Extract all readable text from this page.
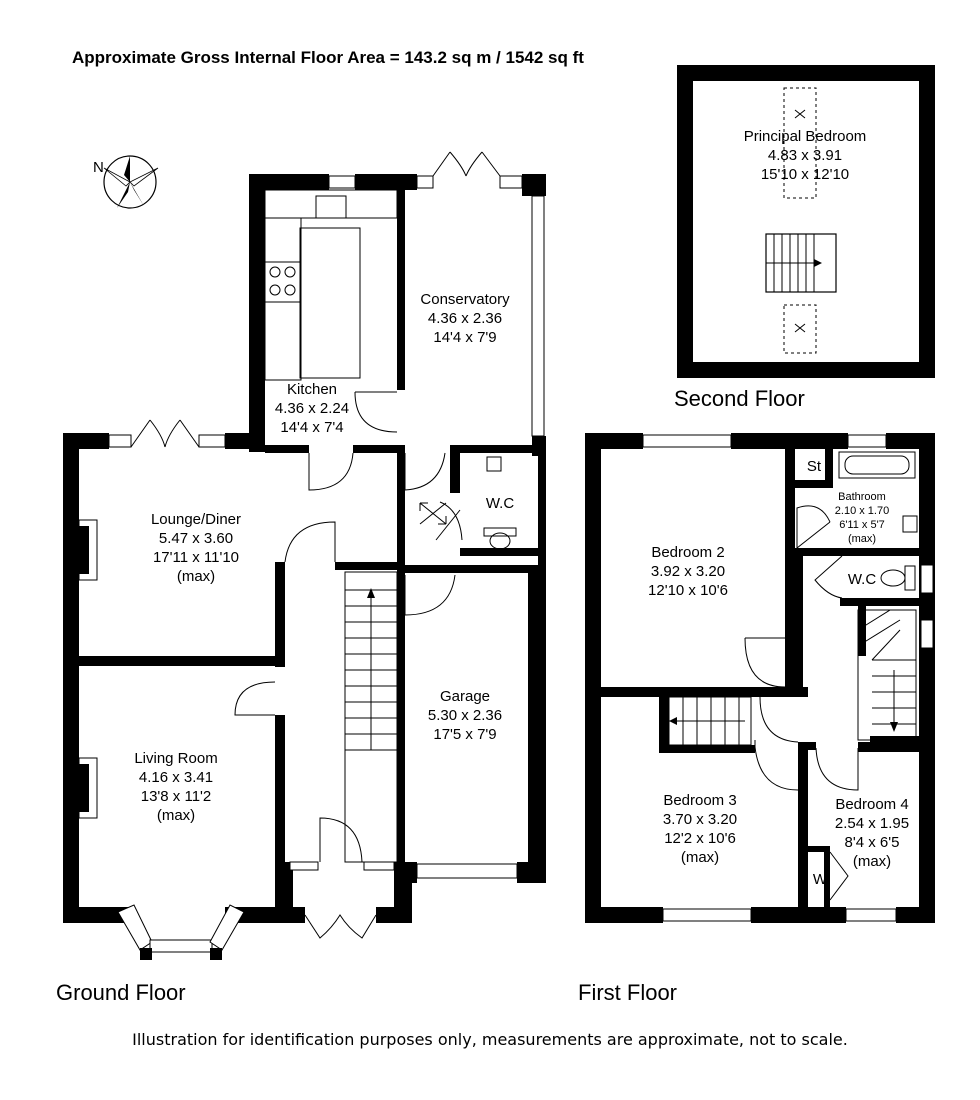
Approximate Gross Internal Floor Area = 143.2 sq m / 1542 sq ft
N
Kitchen
4.36 x 2.24
14'4 x 7'4
Conservatory
4.36 x 2.36
14'4 x 7'9
Lounge/Diner
5.47 x 3.60
17'11 x 11'10
(max)
W.C
Living Room
4.16 x 3.41
13'8 x 11'2
(max)
Garage
5.30 x 2.36
17'5 x 7'9
Principal Bedroom
4.83 x 3.91
15'10 x 12'10
Bedroom 2
3.92 x 3.20
12'10 x 10'6
St
Bathroom
2.10 x 1.70
6'11 x 5'7
(max)
W.C
Bedroom 3
3.70 x 3.20
12'2 x 10'6
(max)
Bedroom 4
2.54 x 1.95
8'4 x 6'5
(max)
W
Ground Floor	First Floor
Second Floor
Illustration for identification purposes only, measurements are approximate, not to scale.
